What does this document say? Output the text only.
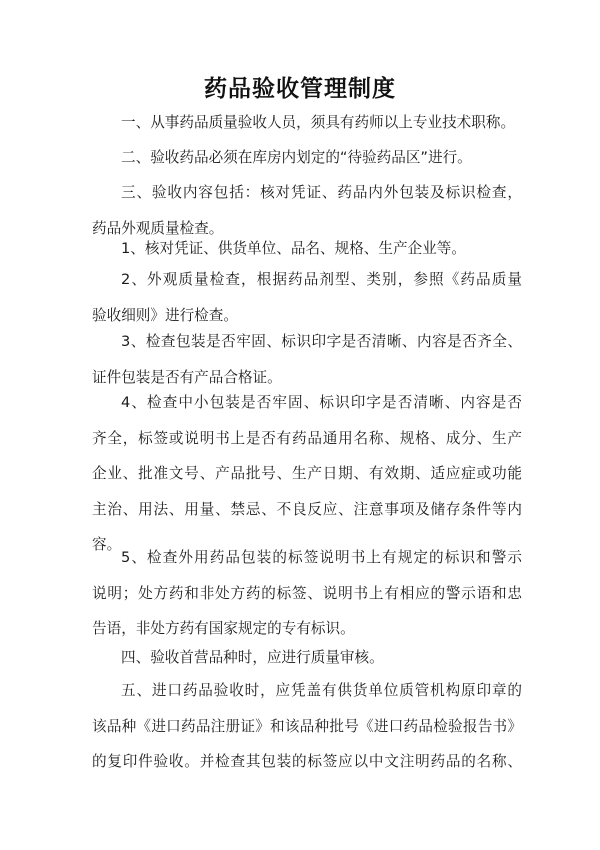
药品验收管理制度
一、从事药品质量验收人员，须具有药师以上专业技术职称。
二、验收药品必须在库房内划定的“待验药品区”进行。
三、验收内容包括：核对凭证、药品内外包装及标识检查，
药品外观质量检查。
1、核对凭证、供货单位、品名、规格、生产企业等。
2、外观质量检查，根据药品剂型、类别，参照《药品质量
验收细则》进行检查。
3、检查包装是否牢固、标识印字是否清晰、内容是否齐全、
证件包装是否有产品合格证。
4、检查中小包装是否牢固、标识印字是否清晰、内容是否
齐全，标签或说明书上是否有药品通用名称、规格、成分、生产
企业、批准文号、产品批号、生产日期、有效期、适应症或功能
主治、用法、用量、禁忌、不良反应、注意事项及储存条件等内
容。
5、检查外用药品包装的标签说明书上有规定的标识和警示
说明；处方药和非处方药的标签、说明书上有相应的警示语和忠
告语，非处方药有国家规定的专有标识。
四、验收首营品种时，应进行质量审核。
五、进口药品验收时，应凭盖有供货单位质管机构原印章的
该品种《进口药品注册证》和该品种批号《进口药品检验报告书》
的复印件验收。并检查其包装的标签应以中文注明药品的名称、
